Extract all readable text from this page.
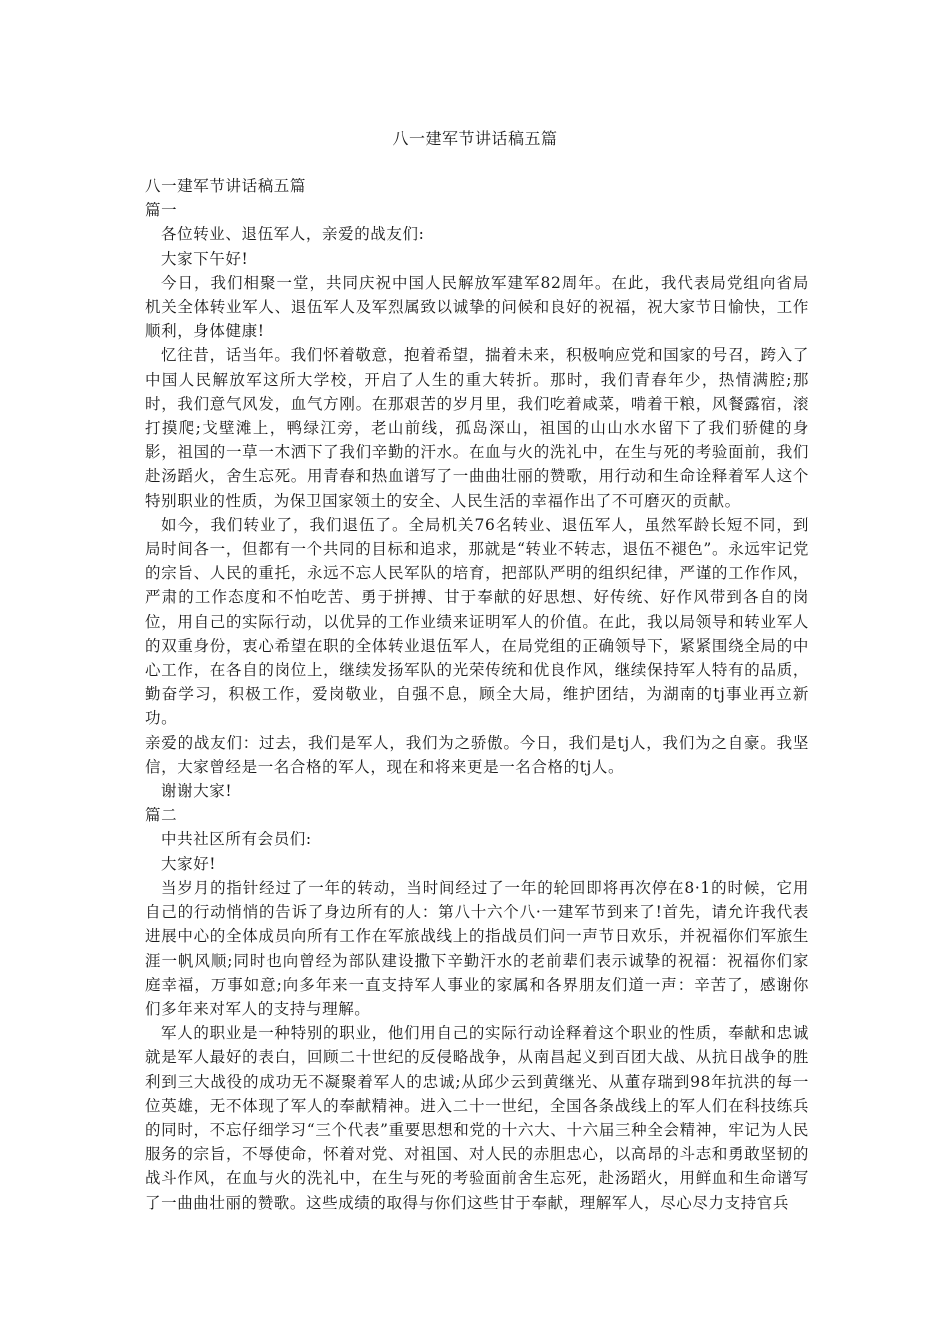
八一建军节讲话稿五篇
八一建军节讲话稿五篇
篇一
各位转业、退伍军人，亲爱的战友们:
大家下午好!
今日，我们相聚一堂，共同庆祝中国人民解放军建军82周年。在此，我代表局党组向省局机关全体转业军人、退伍军人及军烈属致以诚挚的问候和良好的祝福，祝大家节日愉快，工作顺利，身体健康!
忆往昔，话当年。我们怀着敬意，抱着希望，揣着未来，积极响应党和国家的号召，跨入了中国人民解放军这所大学校，开启了人生的重大转折。那时，我们青春年少，热情满腔;那时，我们意气风发，血气方刚。在那艰苦的岁月里，我们吃着咸菜，啃着干粮，风餐露宿，滚打摸爬;戈壁滩上，鸭绿江旁，老山前线，孤岛深山，祖国的山山水水留下了我们骄健的身影，祖国的一草一木洒下了我们辛勤的汗水。在血与火的洗礼中，在生与死的考验面前，我们赴汤蹈火，舍生忘死。用青春和热血谱写了一曲曲壮丽的赞歌，用行动和生命诠释着军人这个特别职业的性质，为保卫国家领土的安全、人民生活的幸福作出了不可磨灭的贡献。
如今，我们转业了，我们退伍了。全局机关76名转业、退伍军人，虽然军龄长短不同，到局时间各一，但都有一个共同的目标和追求，那就是“转业不转志，退伍不褪色”。永远牢记党的宗旨、人民的重托，永远不忘人民军队的培育，把部队严明的组织纪律，严谨的工作作风，严肃的工作态度和不怕吃苦、勇于拼搏、甘于奉献的好思想、好传统、好作风带到各自的岗位，用自己的实际行动，以优异的工作业绩来证明军人的价值。在此，我以局领导和转业军人的双重身份，衷心希望在职的全体转业退伍军人，在局党组的正确领导下，紧紧围绕全局的中心工作，在各自的岗位上，继续发扬军队的光荣传统和优良作风，继续保持军人特有的品质，勤奋学习，积极工作，爱岗敬业，自强不息，顾全大局，维护团结，为湖南的tj事业再立新功。
亲爱的战友们：过去，我们是军人，我们为之骄傲。今日，我们是tj人，我们为之自豪。我坚信，大家曾经是一名合格的军人，现在和将来更是一名合格的tj人。
谢谢大家!
篇二
中共社区所有会员们:
大家好!
当岁月的指针经过了一年的转动，当时间经过了一年的轮回即将再次停在8·1的时候，它用自己的行动悄悄的告诉了身边所有的人：第八十六个八·一建军节到来了!首先，请允许我代表进展中心的全体成员向所有工作在军旅战线上的指战员们问一声节日欢乐，并祝福你们军旅生涯一帆风顺;同时也向曾经为部队建设撒下辛勤汗水的老前辈们表示诚挚的祝福：祝福你们家庭幸福，万事如意;向多年来一直支持军人事业的家属和各界朋友们道一声：辛苦了，感谢你们多年来对军人的支持与理解。
军人的职业是一种特别的职业，他们用自己的实际行动诠释着这个职业的性质，奉献和忠诚就是军人最好的表白，回顾二十世纪的反侵略战争，从南昌起义到百团大战、从抗日战争的胜利到三大战役的成功无不凝聚着军人的忠诚;从邱少云到黄继光、从董存瑞到98年抗洪的每一位英雄，无不体现了军人的奉献精神。进入二十一世纪，全国各条战线上的军人们在科技练兵的同时，不忘仔细学习“三个代表”重要思想和党的十六大、十六届三种全会精神，牢记为人民服务的宗旨，不辱使命，怀着对党、对祖国、对人民的赤胆忠心，以高昂的斗志和勇敢坚韧的战斗作风，在血与火的洗礼中，在生与死的考验面前舍生忘死，赴汤蹈火，用鲜血和生命谱写了一曲曲壮丽的赞歌。这些成绩的取得与你们这些甘于奉献，理解军人，尽心尽力支持官兵
